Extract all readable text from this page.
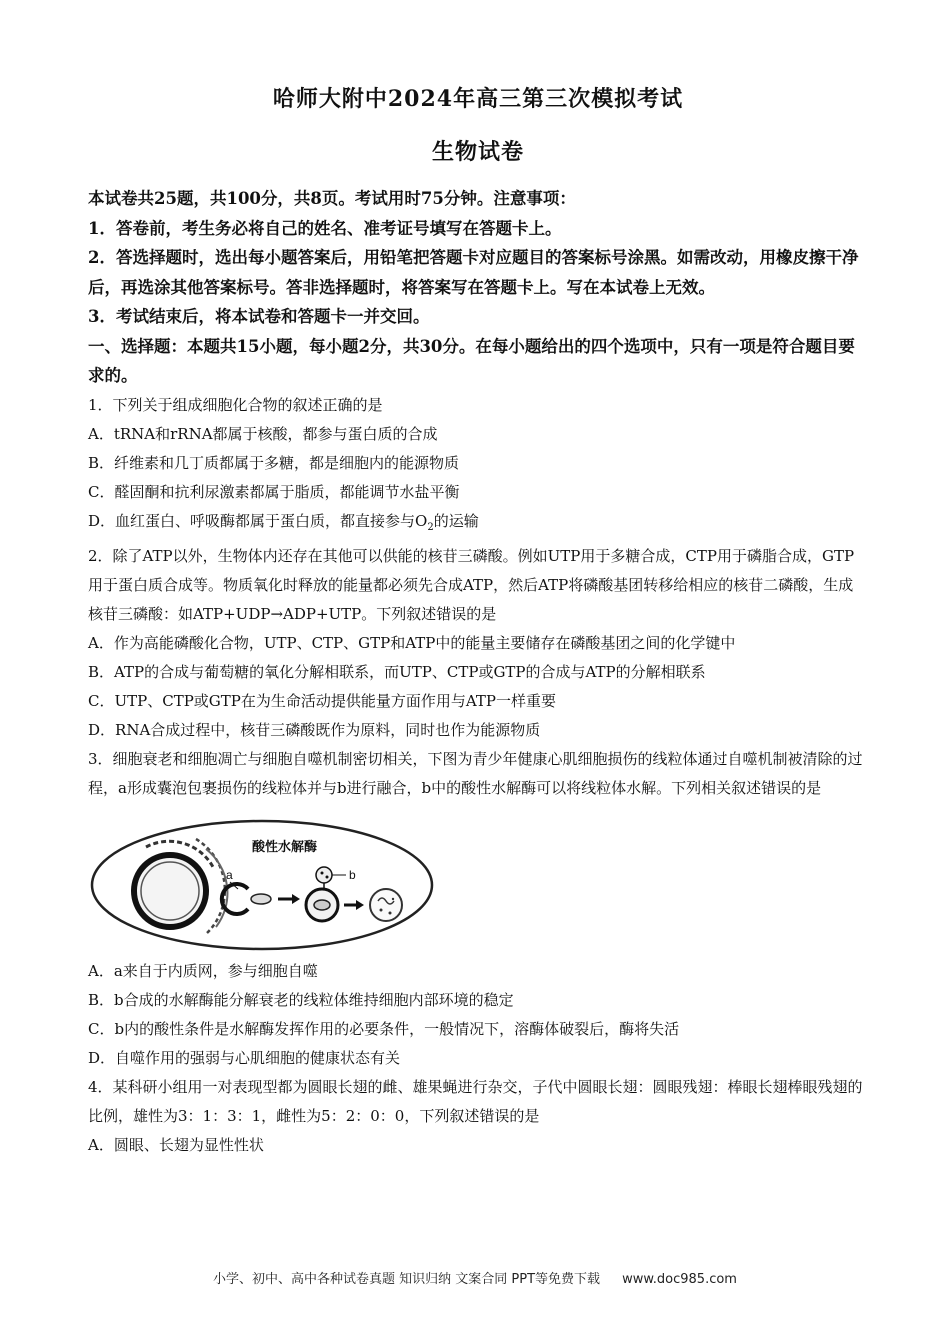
哈师大附中2024年高三第三次模拟考试
生物试卷

本试卷共25题，共100分，共8页。考试用时75分钟。注意事项：

1．答卷前，考生务必将自己的姓名、准考证号填写在答题卡上。

2．答选择题时，选出每小题答案后，用铅笔把答题卡对应题目的答案标号涂黑。如需改动，用橡皮擦干净后，再选涂其他答案标号。答非选择题时，将答案写在答题卡上。写在本试卷上无效。

3．考试结束后，将本试卷和答题卡一并交回。

一、选择题：本题共15小题，每小题2分，共30分。在每小题给出的四个选项中，只有一项是符合题目要求的。

1．下列关于组成细胞化合物的叙述正确的是

A．tRNA和rRNA都属于核酸，都参与蛋白质的合成

B．纤维素和几丁质都属于多糖，都是细胞内的能源物质

C．醛固酮和抗利尿激素都属于脂质，都能调节水盐平衡

D．血红蛋白、呼吸酶都属于蛋白质，都直接参与$O_2$的运输

2．除了ATP以外，生物体内还存在其他可以供能的核苷三磷酸。例如UTP用于多糖合成，CTP用于磷脂合成，GTP用于蛋白质合成等。物质氧化时释放的能量都必须先合成ATP，然后ATP将磷酸基团转移给相应的核苷二磷酸，生成核苷三磷酸：如ATP+UDP→ADP+UTP。下列叙述错误的是

A．作为高能磷酸化合物，UTP、CTP、GTP和ATP中的能量主要储存在磷酸基团之间的化学键中

B．ATP的合成与葡萄糖的氧化分解相联系，而UTP、CTP或GTP的合成与ATP的分解相联系

C．UTP、CTP或GTP在为生命活动提供能量方面作用与ATP一样重要

D．RNA合成过程中，核苷三磷酸既作为原料，同时也作为能源物质

3．细胞衰老和细胞凋亡与细胞自噬机制密切相关，下图为青少年健康心肌细胞损伤的线粒体通过自噬机制被清除的过程，a形成囊泡包裹损伤的线粒体并与b进行融合，b中的酸性水解酶可以将线粒体水解。下列相关叙述错误的是

a
酸性水解酶
b

A．a来自于内质网，参与细胞自噬

B．b合成的水解酶能分解衰老的线粒体维持细胞内部环境的稳定

C．b内的酸性条件是水解酶发挥作用的必要条件，一般情况下，溶酶体破裂后，酶将失活

D．自噬作用的强弱与心肌细胞的健康状态有关

4．某科研小组用一对表现型都为圆眼长翅的雌、雄果蝇进行杂交，子代中圆眼长翅：圆眼残翅：棒眼长翅棒眼残翅的比例，雄性为3：1：3：1，雌性为5：2：0：0，下列叙述错误的是

A．圆眼、长翅为显性性状

小学、初中、高中各种试卷真题 知识归纳 文案合同 PPT等免费下载 www.doc985.com
